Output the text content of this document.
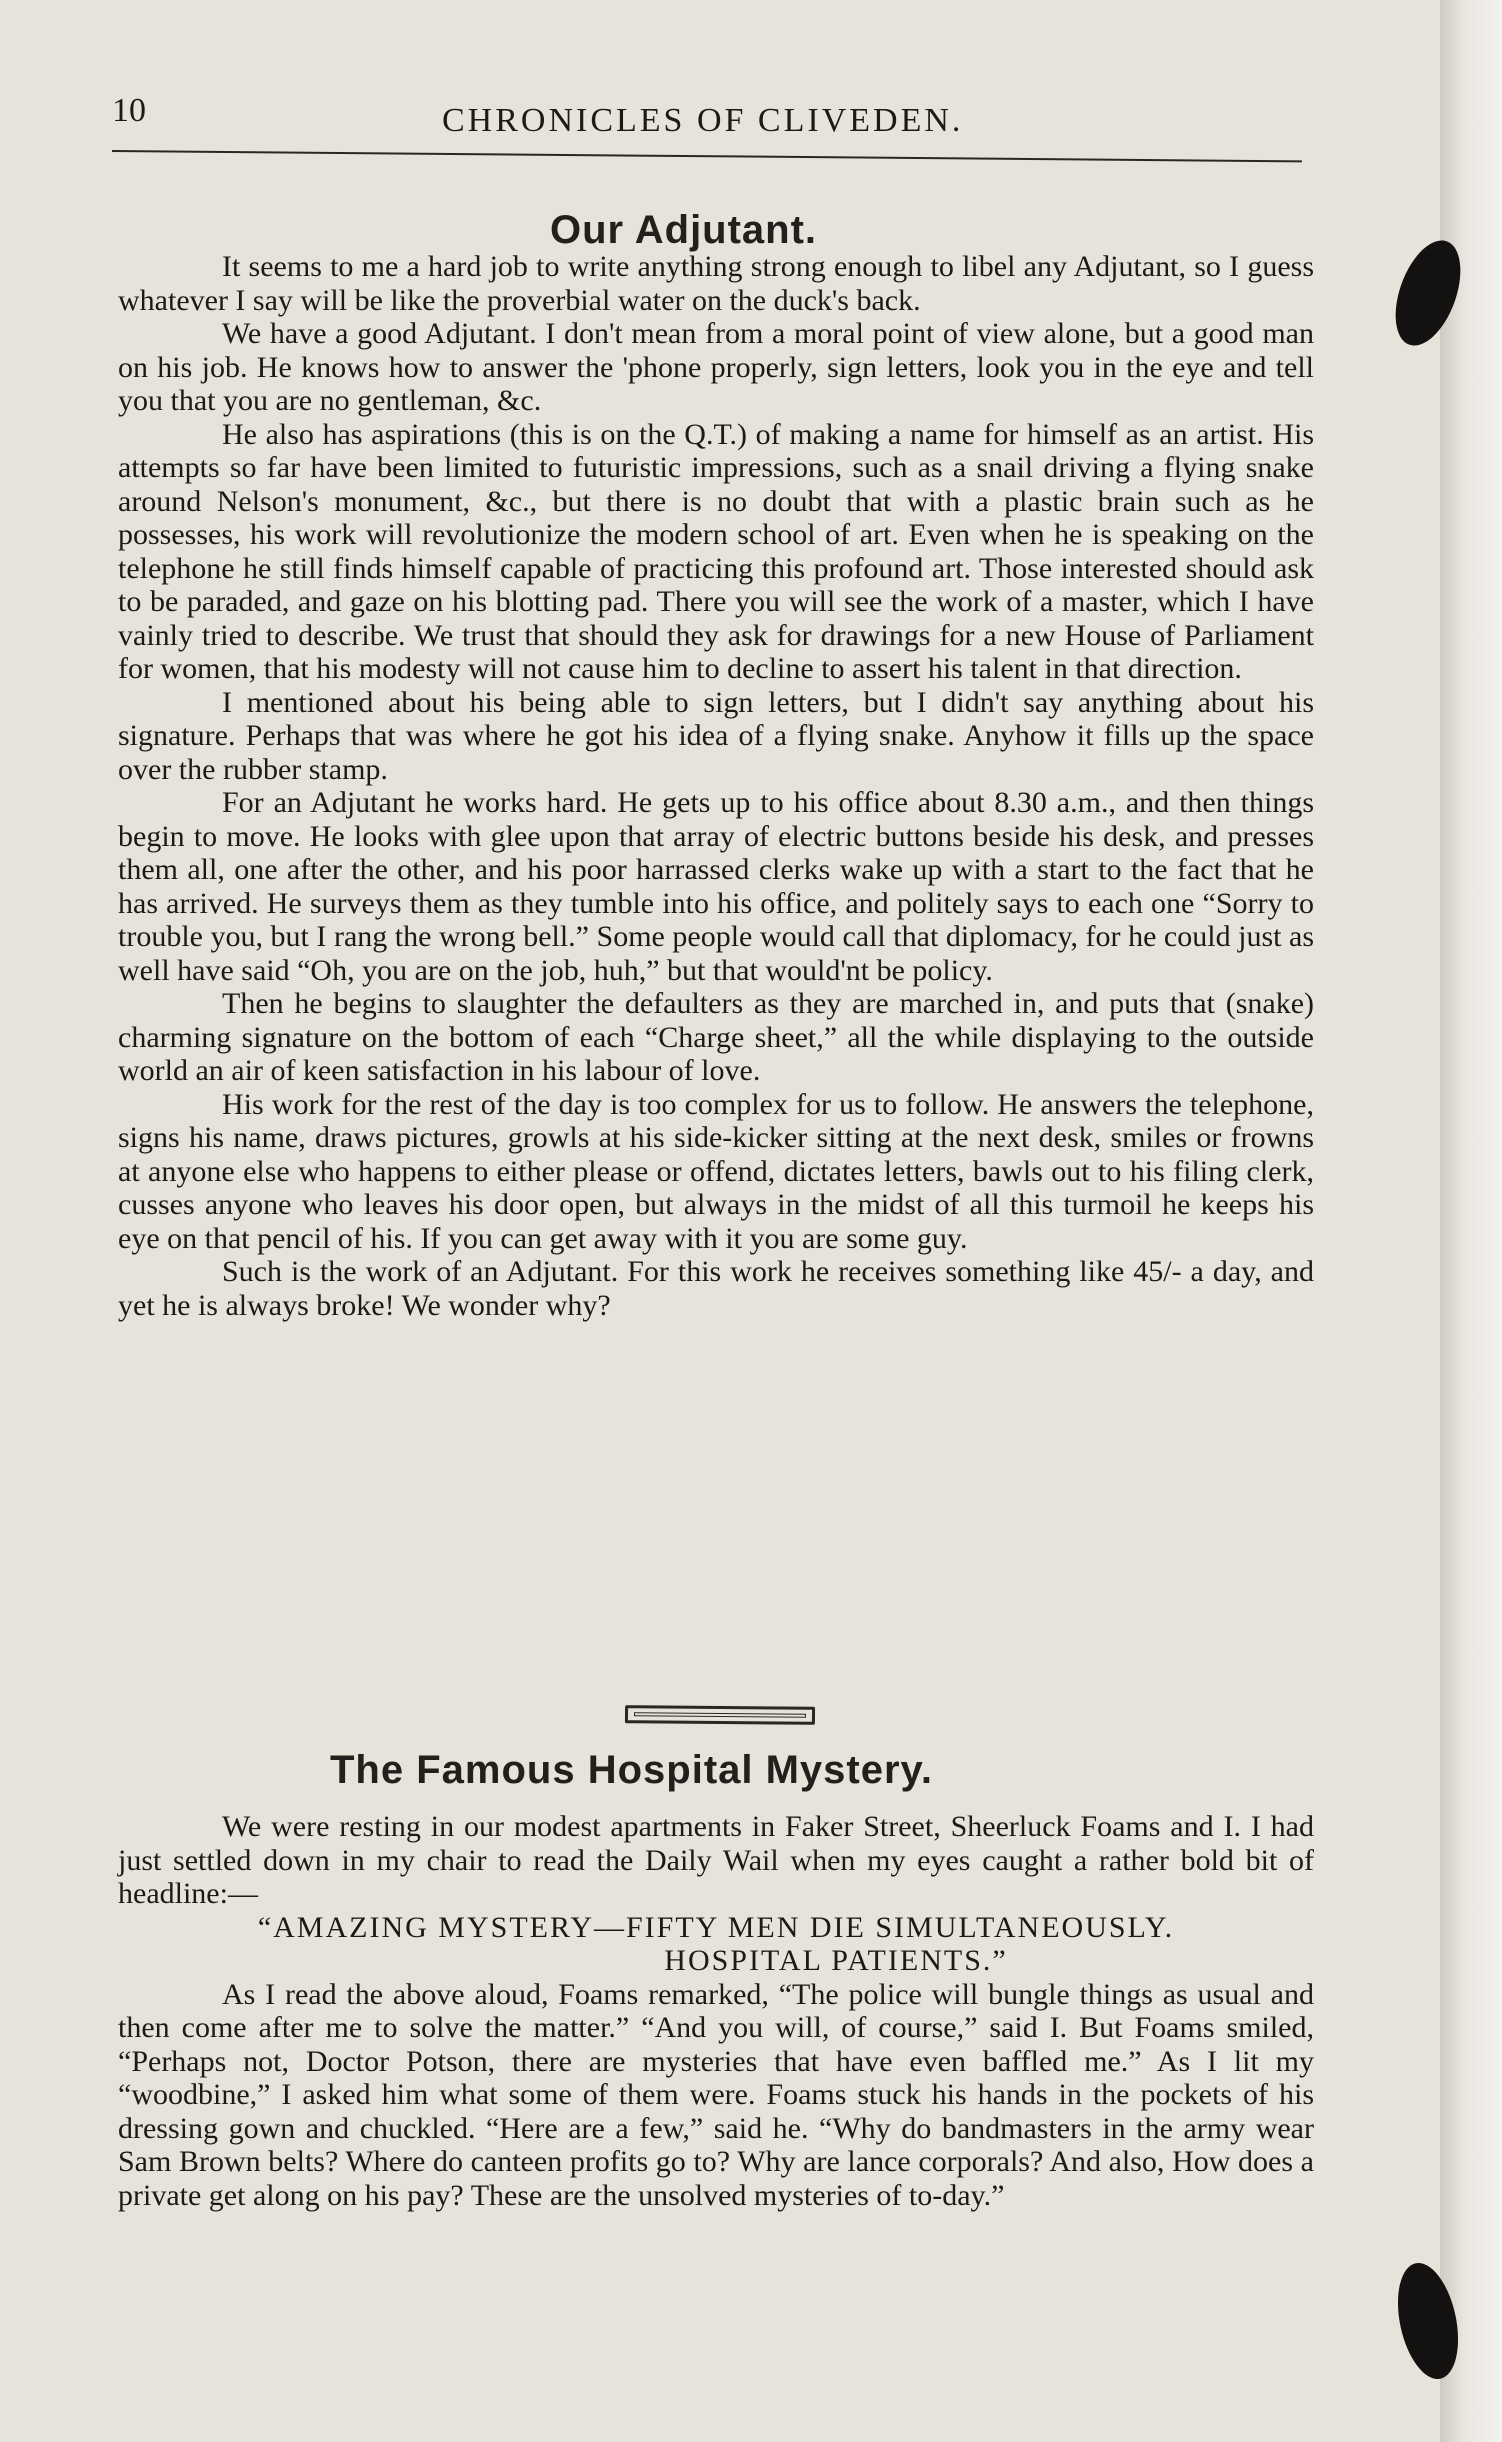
10	CHRONICLES OF CLIVEDEN.
Our Adjutant.

It seems to me a hard job to write anything strong enough to libel any Adjutant, so I guess whatever I say will be like the proverbial water on the duck's back.

We have a good Adjutant. I don't mean from a moral point of view alone, but a good man on his job. He knows how to answer the 'phone properly, sign letters, look you in the eye and tell you that you are no gentleman, &c.

He also has aspirations (this is on the Q.T.) of making a name for himself as an artist. His attempts so far have been limited to futuristic impressions, such as a snail driving a flying snake around Nelson's monument, &c., but there is no doubt that with a plastic brain such as he possesses, his work will revolutionize the modern school of art. Even when he is speaking on the telephone he still finds himself capable of practicing this profound art. Those interested should ask to be paraded, and gaze on his blotting pad. There you will see the work of a master, which I have vainly tried to describe. We trust that should they ask for drawings for a new House of Parliament for women, that his modesty will not cause him to decline to assert his talent in that direction.

I mentioned about his being able to sign letters, but I didn't say anything about his signature. Perhaps that was where he got his idea of a flying snake. Anyhow it fills up the space over the rubber stamp.

For an Adjutant he works hard. He gets up to his office about 8.30 a.m., and then things begin to move. He looks with glee upon that array of electric buttons beside his desk, and presses them all, one after the other, and his poor harrassed clerks wake up with a start to the fact that he has arrived. He surveys them as they tumble into his office, and politely says to each one “Sorry to trouble you, but I rang the wrong bell.” Some people would call that diplomacy, for he could just as well have said “Oh, you are on the job, huh,” but that would'nt be policy.

Then he begins to slaughter the defaulters as they are marched in, and puts that (snake) charming signature on the bottom of each “Charge sheet,” all the while displaying to the outside world an air of keen satisfaction in his labour of love.

His work for the rest of the day is too complex for us to follow. He answers the telephone, signs his name, draws pictures, growls at his side-kicker sitting at the next desk, smiles or frowns at anyone else who happens to either please or offend, dictates letters, bawls out to his filing clerk, cusses anyone who leaves his door open, but always in the midst of all this turmoil he keeps his eye on that pencil of his. If you can get away with it you are some guy.

Such is the work of an Adjutant. For this work he receives something like 45/- a day, and yet he is always broke! We wonder why?

The Famous Hospital Mystery.

We were resting in our modest apartments in Faker Street, Sheerluck Foams and I. I had just settled down in my chair to read the Daily Wail when my eyes caught a rather bold bit of headline:—

“AMAZING MYSTERY—FIFTY MEN DIE SIMULTANEOUSLY.

HOSPITAL PATIENTS.”

As I read the above aloud, Foams remarked, “The police will bungle things as usual and then come after me to solve the matter.” “And you will, of course,” said I. But Foams smiled, “Perhaps not, Doctor Potson, there are mysteries that have even baffled me.” As I lit my “woodbine,” I asked him what some of them were. Foams stuck his hands in the pockets of his dressing gown and chuckled. “Here are a few,” said he. “Why do bandmasters in the army wear Sam Brown belts? Where do canteen profits go to? Why are lance corporals? And also, How does a private get along on his pay? These are the unsolved mysteries of to-day.”
